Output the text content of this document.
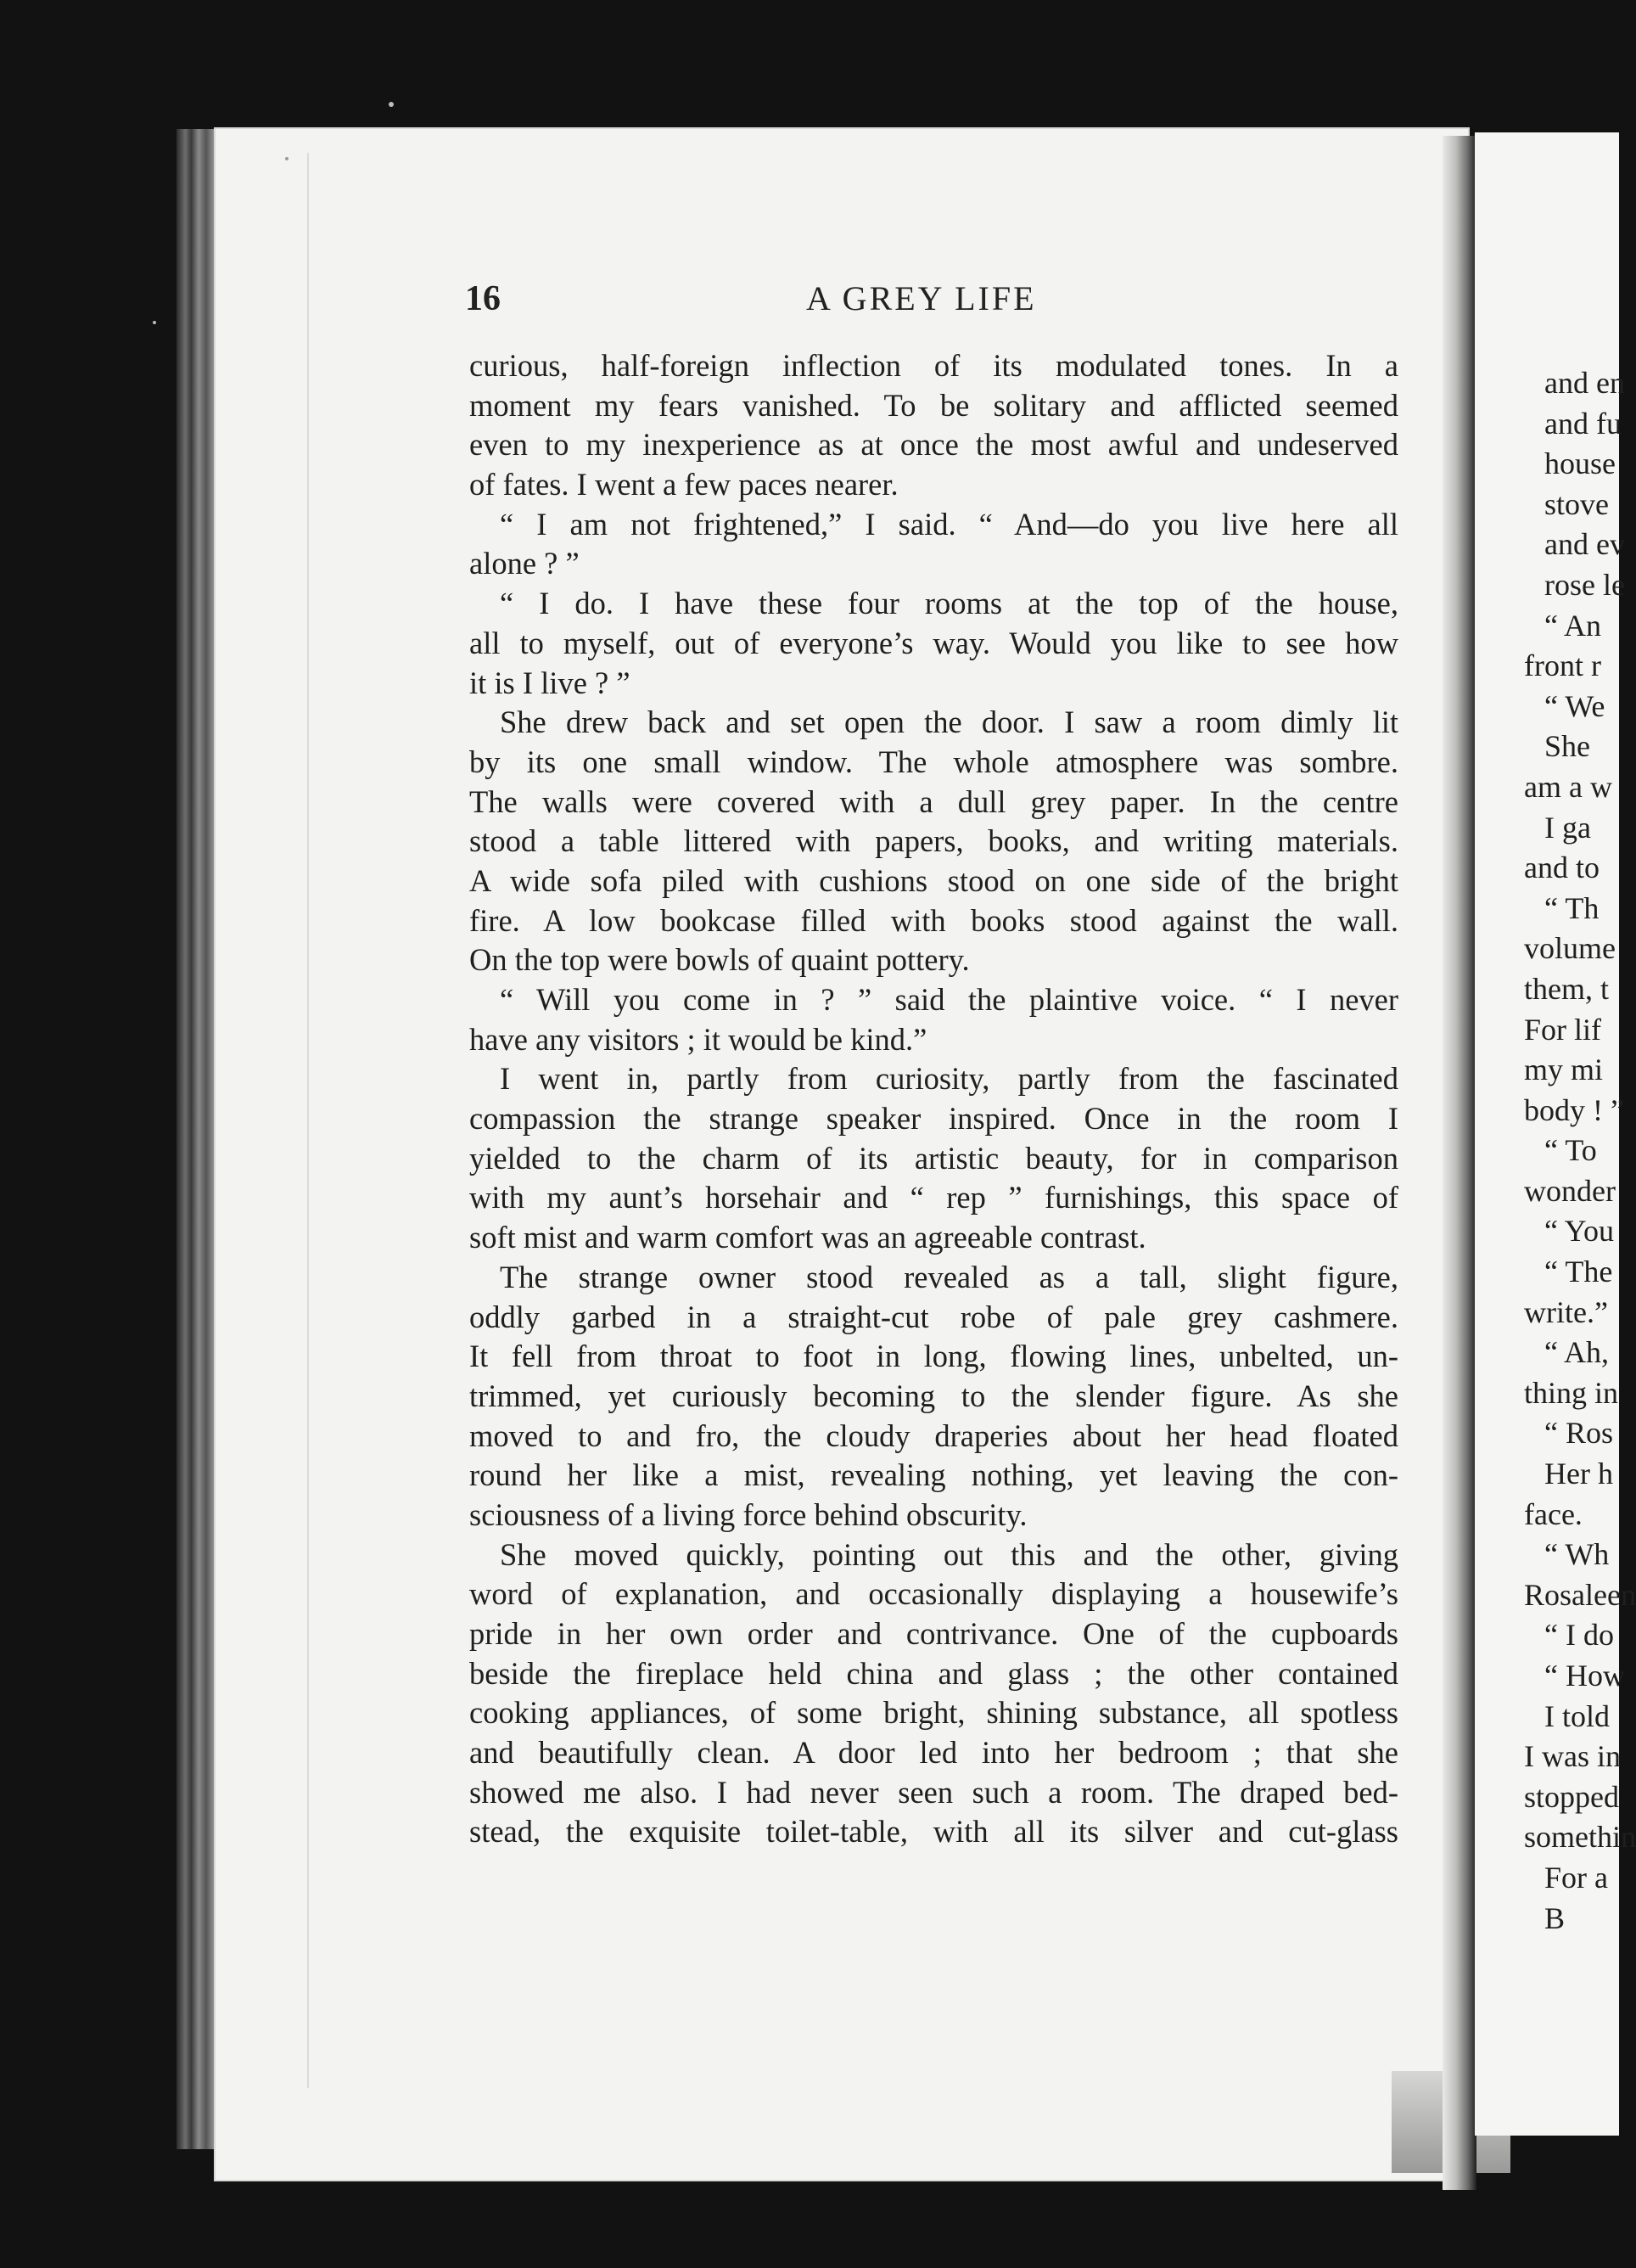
16	A GREY LIFE
curious, half-foreign inflection of its modulated tones. In a
moment my fears vanished. To be solitary and afflicted seemed
even to my inexperience as at once the most awful and undeserved
of fates. I went a few paces nearer.
“ I am not frightened,” I said. “ And—do you live here all
alone ? ”
“ I do. I have these four rooms at the top of the house,
all to myself, out of everyone’s way. Would you like to see how
it is I live ? ”
She drew back and set open the door. I saw a room dimly lit
by its one small window. The whole atmosphere was sombre.
The walls were covered with a dull grey paper. In the centre
stood a table littered with papers, books, and writing materials.
A wide sofa piled with cushions stood on one side of the bright
fire. A low bookcase filled with books stood against the wall.
On the top were bowls of quaint pottery.
“ Will you come in ? ” said the plaintive voice. “ I never
have any visitors ; it would be kind.”
I went in, partly from curiosity, partly from the fascinated
compassion the strange speaker inspired. Once in the room I
yielded to the charm of its artistic beauty, for in comparison
with my aunt’s horsehair and “ rep ” furnishings, this space of
soft mist and warm comfort was an agreeable contrast.
The strange owner stood revealed as a tall, slight figure,
oddly garbed in a straight-cut robe of pale grey cashmere.
It fell from throat to foot in long, flowing lines, unbelted, un-
trimmed, yet curiously becoming to the slender figure. As she
moved to and fro, the cloudy draperies about her head floated
round her like a mist, revealing nothing, yet leaving the con-
sciousness of a living force behind obscurity.
She moved quickly, pointing out this and the other, giving
word of explanation, and occasionally displaying a housewife’s
pride in her own order and contrivance. One of the cupboards
beside the fireplace held china and glass ; the other contained
cooking appliances, of some bright, shining substance, all spotless
and beautifully clean. A door led into her bedroom ; that she
showed me also. I had never seen such a room. The draped bed-
stead, the exquisite toilet-table, with all its silver and cut-glass
and en
and fu
house
stove
and ev
rose le
“ An
front r
“ We
She
am a w
I ga
and to
“ Th
volume
them, t
For lif
my mi
body ! ”
“ To
wonder
“ You
“ The
write.”
“ Ah,
thing in
“ Ros
Her h
face.
“ Wh
Rosaleen
“ I do
“ How
I told
I was in
stopped
somethin
For a
B
